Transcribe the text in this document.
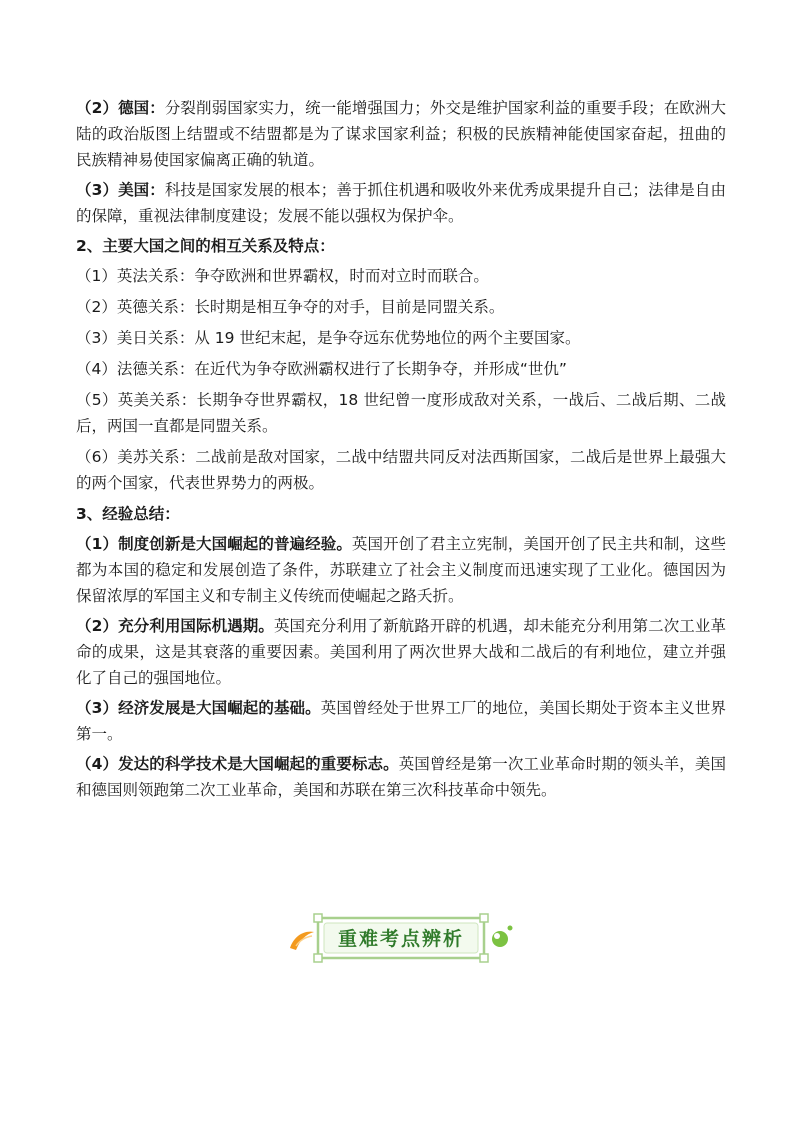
（2）德国：分裂削弱国家实力，统一能增强国力；外交是维护国家利益的重要手段；在欧洲大陆的政治版图上结盟或不结盟都是为了谋求国家利益；积极的民族精神能使国家奋起，扭曲的民族精神易使国家偏离正确的轨道。

（3）美国：科技是国家发展的根本；善于抓住机遇和吸收外来优秀成果提升自己；法律是自由的保障，重视法律制度建设；发展不能以强权为保护伞。

2、主要大国之间的相互关系及特点：

（1）英法关系：争夺欧洲和世界霸权，时而对立时而联合。

（2）英德关系：长时期是相互争夺的对手，目前是同盟关系。

（3）美日关系：从 19 世纪末起，是争夺远东优势地位的两个主要国家。

（4）法德关系：在近代为争夺欧洲霸权进行了长期争夺，并形成“世仇”

（5）英美关系：长期争夺世界霸权，18 世纪曾一度形成敌对关系，一战后、二战后期、二战后，两国一直都是同盟关系。

（6）美苏关系：二战前是敌对国家，二战中结盟共同反对法西斯国家，二战后是世界上最强大的两个国家，代表世界势力的两极。

3、经验总结：

（1）制度创新是大国崛起的普遍经验。英国开创了君主立宪制，美国开创了民主共和制，这些都为本国的稳定和发展创造了条件，苏联建立了社会主义制度而迅速实现了工业化。德国因为保留浓厚的军国主义和专制主义传统而使崛起之路夭折。

（2）充分利用国际机遇期。英国充分利用了新航路开辟的机遇，却未能充分利用第二次工业革命的成果，这是其衰落的重要因素。美国利用了两次世界大战和二战后的有利地位，建立并强化了自己的强国地位。

（3）经济发展是大国崛起的基础。英国曾经处于世界工厂的地位，美国长期处于资本主义世界第一。

（4）发达的科学技术是大国崛起的重要标志。英国曾经是第一次工业革命时期的领头羊，美国和德国则领跑第二次工业革命，美国和苏联在第三次科技革命中领先。

重难考点辨析
